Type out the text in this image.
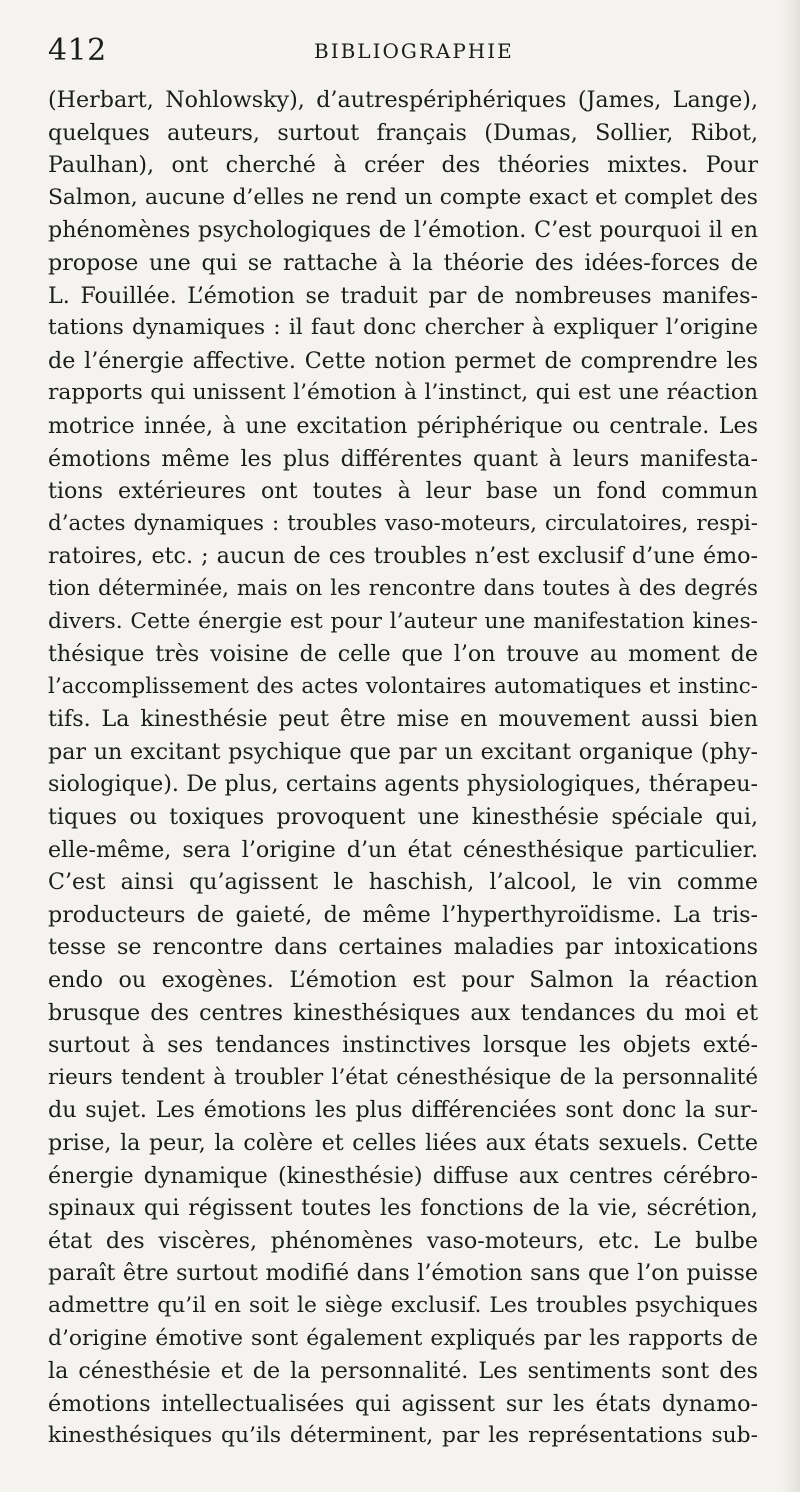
412	BIBLIOGRAPHIE
(Herbart, Nohlowsky), d’autrespériphériques (James, Lange),
quelques auteurs, surtout français (Dumas, Sollier, Ribot,
Paulhan), ont cherché à créer des théories mixtes. Pour
Salmon, aucune d’elles ne rend un compte exact et complet des
phénomènes psychologiques de l’émotion. C’est pourquoi il en
propose une qui se rattache à la théorie des idées-forces de
L. Fouillée. L’émotion se traduit par de nombreuses manifes-
tations dynamiques : il faut donc chercher à expliquer l’origine
de l’énergie affective. Cette notion permet de comprendre les
rapports qui unissent l’émotion à l’instinct, qui est une réaction
motrice innée, à une excitation périphérique ou centrale. Les
émotions même les plus différentes quant à leurs manifesta-
tions extérieures ont toutes à leur base un fond commun
d’actes dynamiques : troubles vaso-moteurs, circulatoires, respi-
ratoires, etc. ; aucun de ces troubles n’est exclusif d’une émo-
tion déterminée, mais on les rencontre dans toutes à des degrés
divers. Cette énergie est pour l’auteur une manifestation kines-
thésique très voisine de celle que l’on trouve au moment de
l’accomplissement des actes volontaires automatiques et instinc-
tifs. La kinesthésie peut être mise en mouvement aussi bien
par un excitant psychique que par un excitant organique (phy-
siologique). De plus, certains agents physiologiques, thérapeu-
tiques ou toxiques provoquent une kinesthésie spéciale qui,
elle-même, sera l’origine d’un état cénesthésique particulier.
C’est ainsi qu’agissent le haschish, l’alcool, le vin comme
producteurs de gaieté, de même l’hyperthyroïdisme. La tris-
tesse se rencontre dans certaines maladies par intoxications
endo ou exogènes. L’émotion est pour Salmon la réaction
brusque des centres kinesthésiques aux tendances du moi et
surtout à ses tendances instinctives lorsque les objets exté-
rieurs tendent à troubler l’état cénesthésique de la personnalité
du sujet. Les émotions les plus différenciées sont donc la sur-
prise, la peur, la colère et celles liées aux états sexuels. Cette
énergie dynamique (kinesthésie) diffuse aux centres cérébro-
spinaux qui régissent toutes les fonctions de la vie, sécrétion,
état des viscères, phénomènes vaso-moteurs, etc. Le bulbe
paraît être surtout modifié dans l’émotion sans que l’on puisse
admettre qu’il en soit le siège exclusif. Les troubles psychiques
d’origine émotive sont également expliqués par les rapports de
la cénesthésie et de la personnalité. Les sentiments sont des
émotions intellectualisées qui agissent sur les états dynamo-
kinesthésiques qu’ils déterminent, par les représentations sub-
